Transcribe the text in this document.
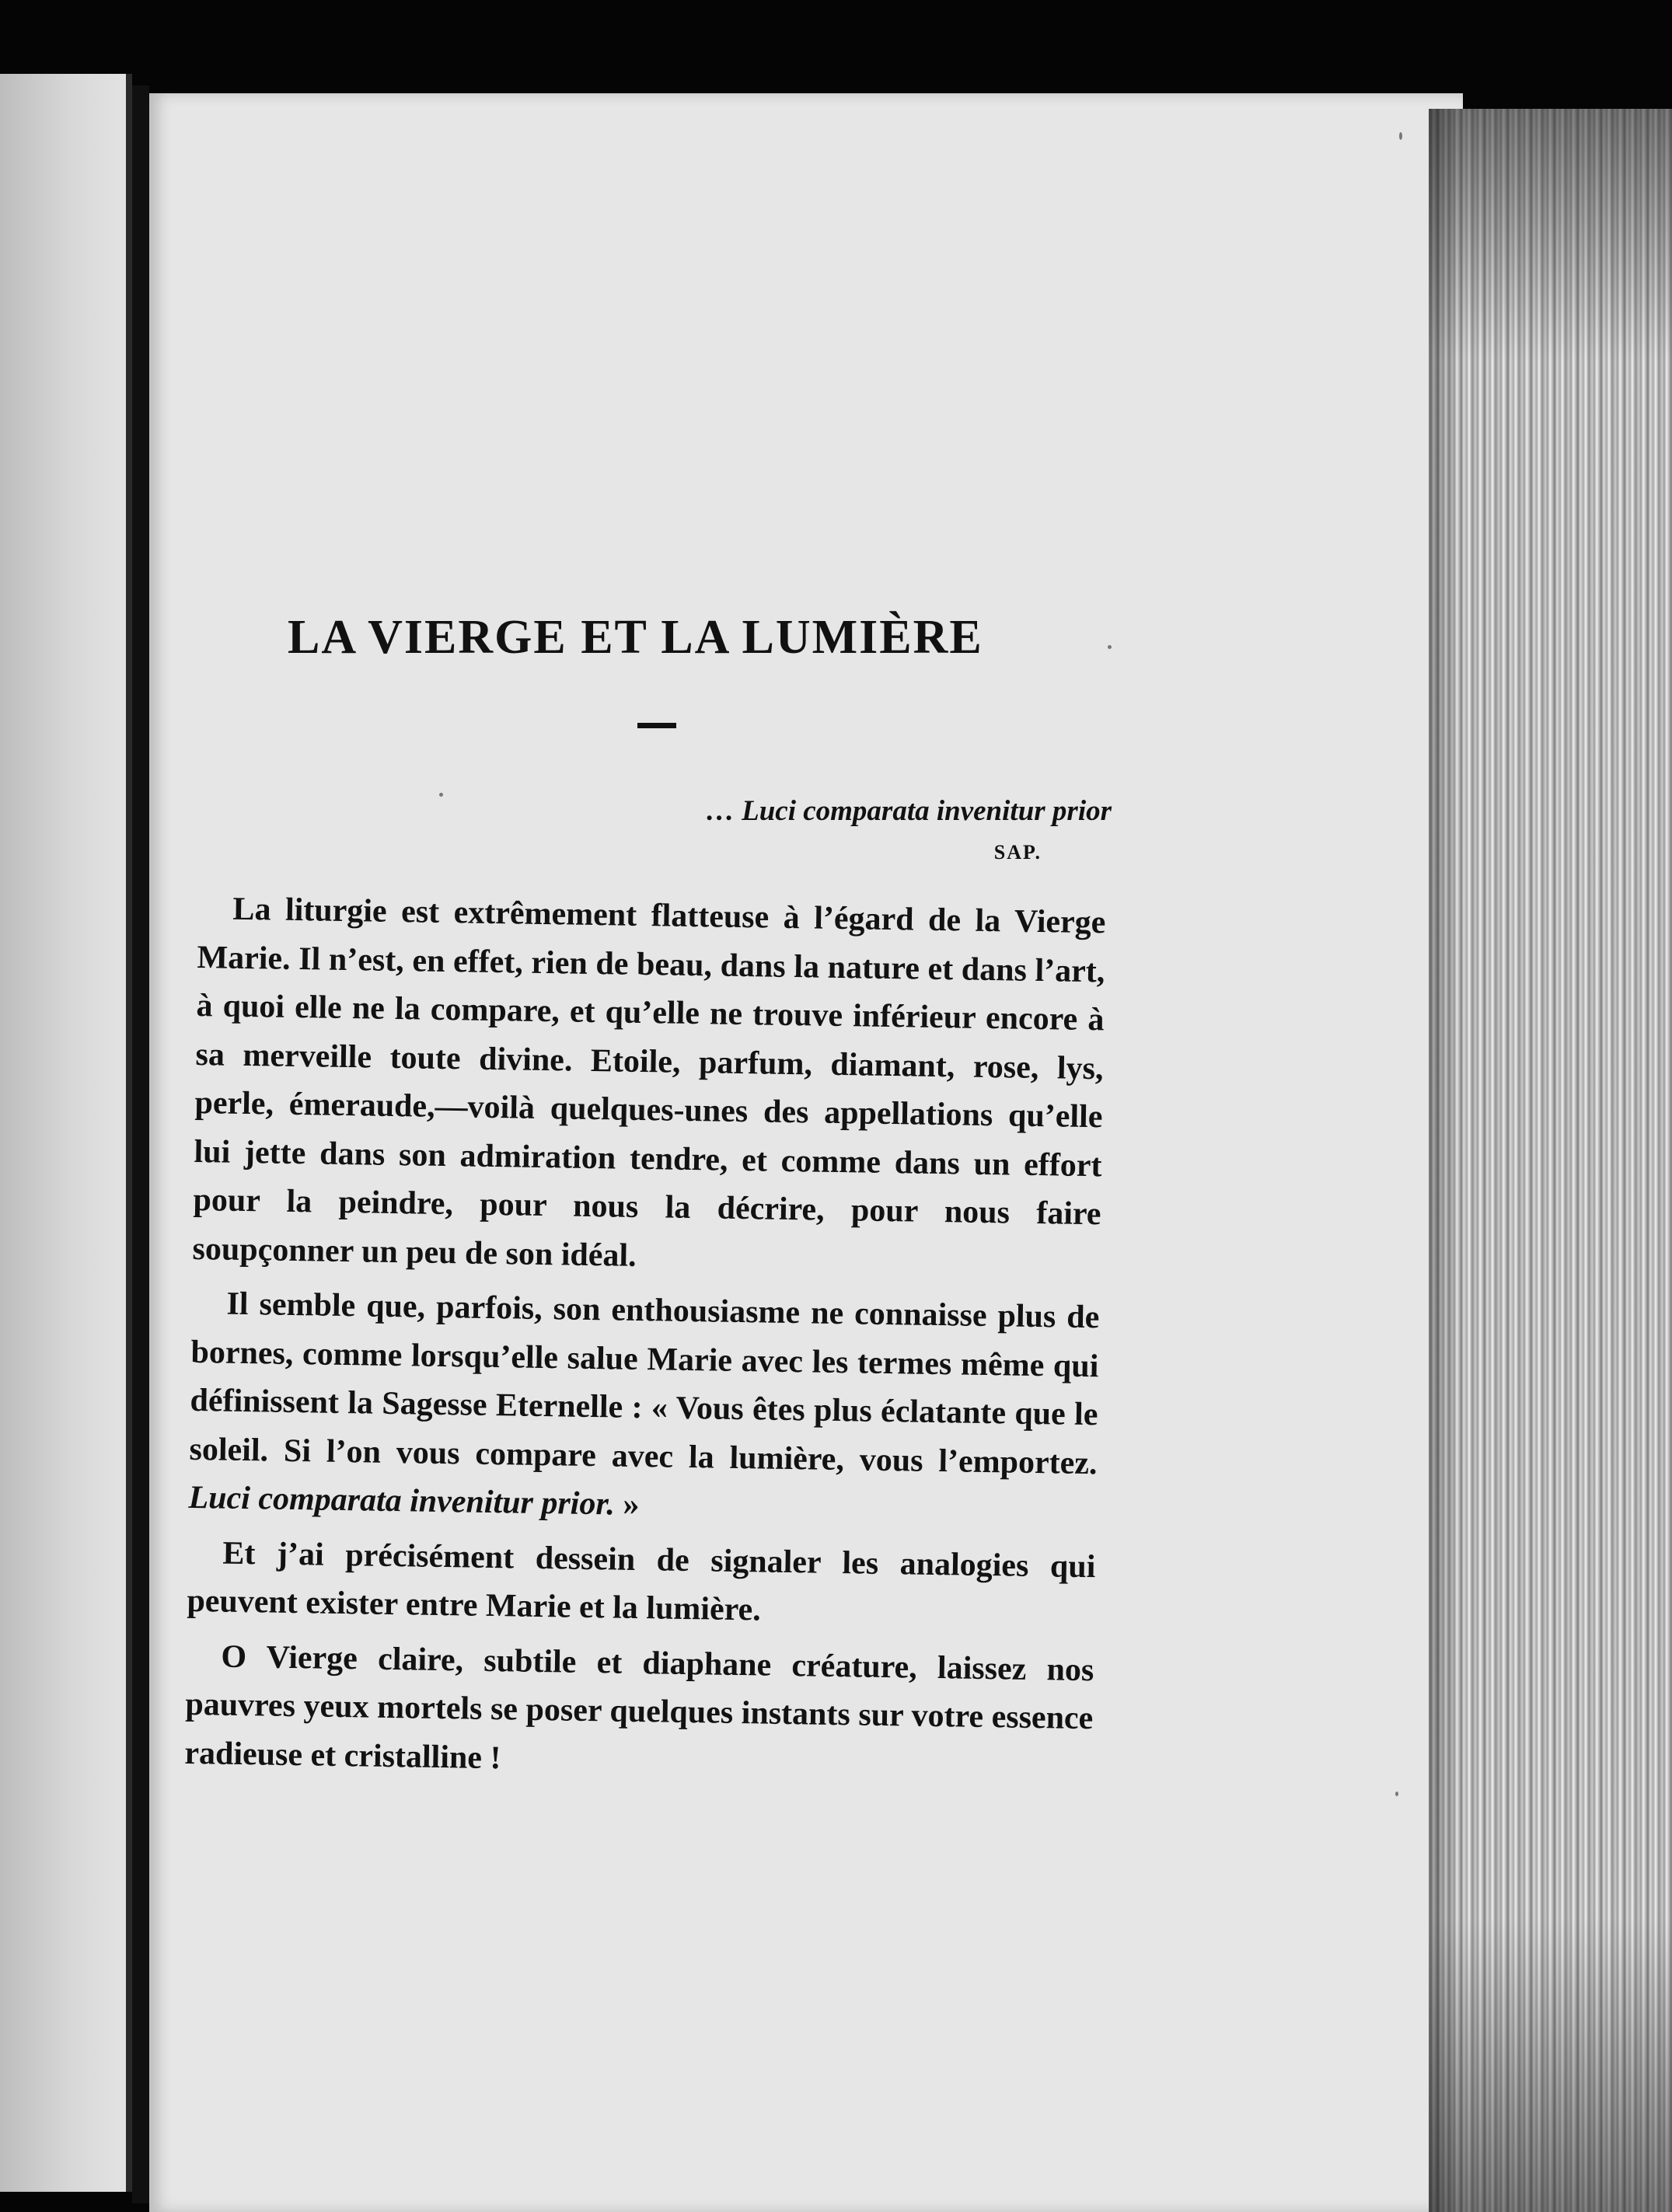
LA VIERGE ET LA LUMIÈRE
… Luci comparata invenitur prior
SAP.

La liturgie est extrêmement flatteuse à l’égard de la Vierge Marie. Il n’est, en effet, rien de beau, dans la nature et dans l’art, à quoi elle ne la compare, et qu’elle ne trouve inférieur encore à sa merveille toute divine. Etoile, parfum, diamant, rose, lys, perle, émeraude,—voilà quelques-unes des appellations qu’elle lui jette dans son admiration tendre, et comme dans un effort pour la peindre, pour nous la décrire, pour nous faire soupçonner un peu de son idéal.

Il semble que, parfois, son enthousiasme ne connaisse plus de bornes, comme lorsqu’elle salue Marie avec les termes même qui définissent la Sagesse Eternelle : « Vous êtes plus éclatante que le soleil. Si l’on vous compare avec la lumière, vous l’emportez. Luci comparata invenitur prior. »

Et j’ai précisément dessein de signaler les analogies qui peuvent exister entre Marie et la lumière.

O Vierge claire, subtile et diaphane créature, laissez nos pauvres yeux mortels se poser quelques instants sur votre essence radieuse et cristalline !
